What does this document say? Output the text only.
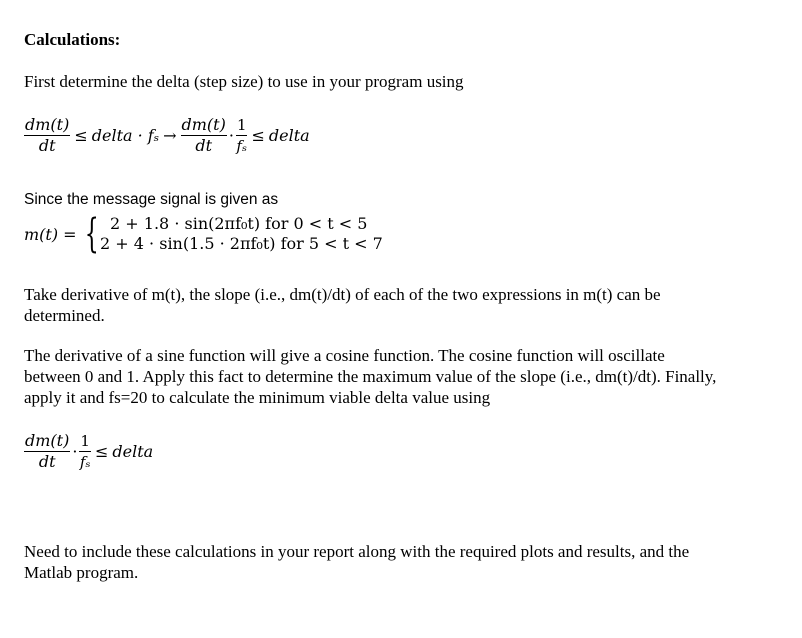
Calculations:
First determine the delta (step size) to use in your program using
$\frac{dm(t)}{dt}$ ≤ delta · $f_s \to \frac{dm(t)}{dt} \cdot \frac{1}{\text{fₛ}}$ ≤ delta
Since the message signal is given as
m(t) = { 2 + 1.8 · sin(2πf₀t) for 0 < t < 5
2 + 4 · sin(1.5 · 2πf₀t) for 5 < t < 7
Take derivative of m(t), the slope (i.e., dm(t)/dt) of each of the two expressions in m(t) can be determined.
The derivative of a sine function will give a cosine function. The cosine function will oscillate between 0 and 1. Apply this fact to determine the maximum value of the slope (i.e., dm(t)/dt). Finally, apply it and fs=20 to calculate the minimum viable delta value using
$\frac{dm(t)}{dt} \cdot \frac{1}{\text{fₛ}}$ ≤ delta
Need to include these calculations in your report along with the required plots and results, and the Matlab program.
